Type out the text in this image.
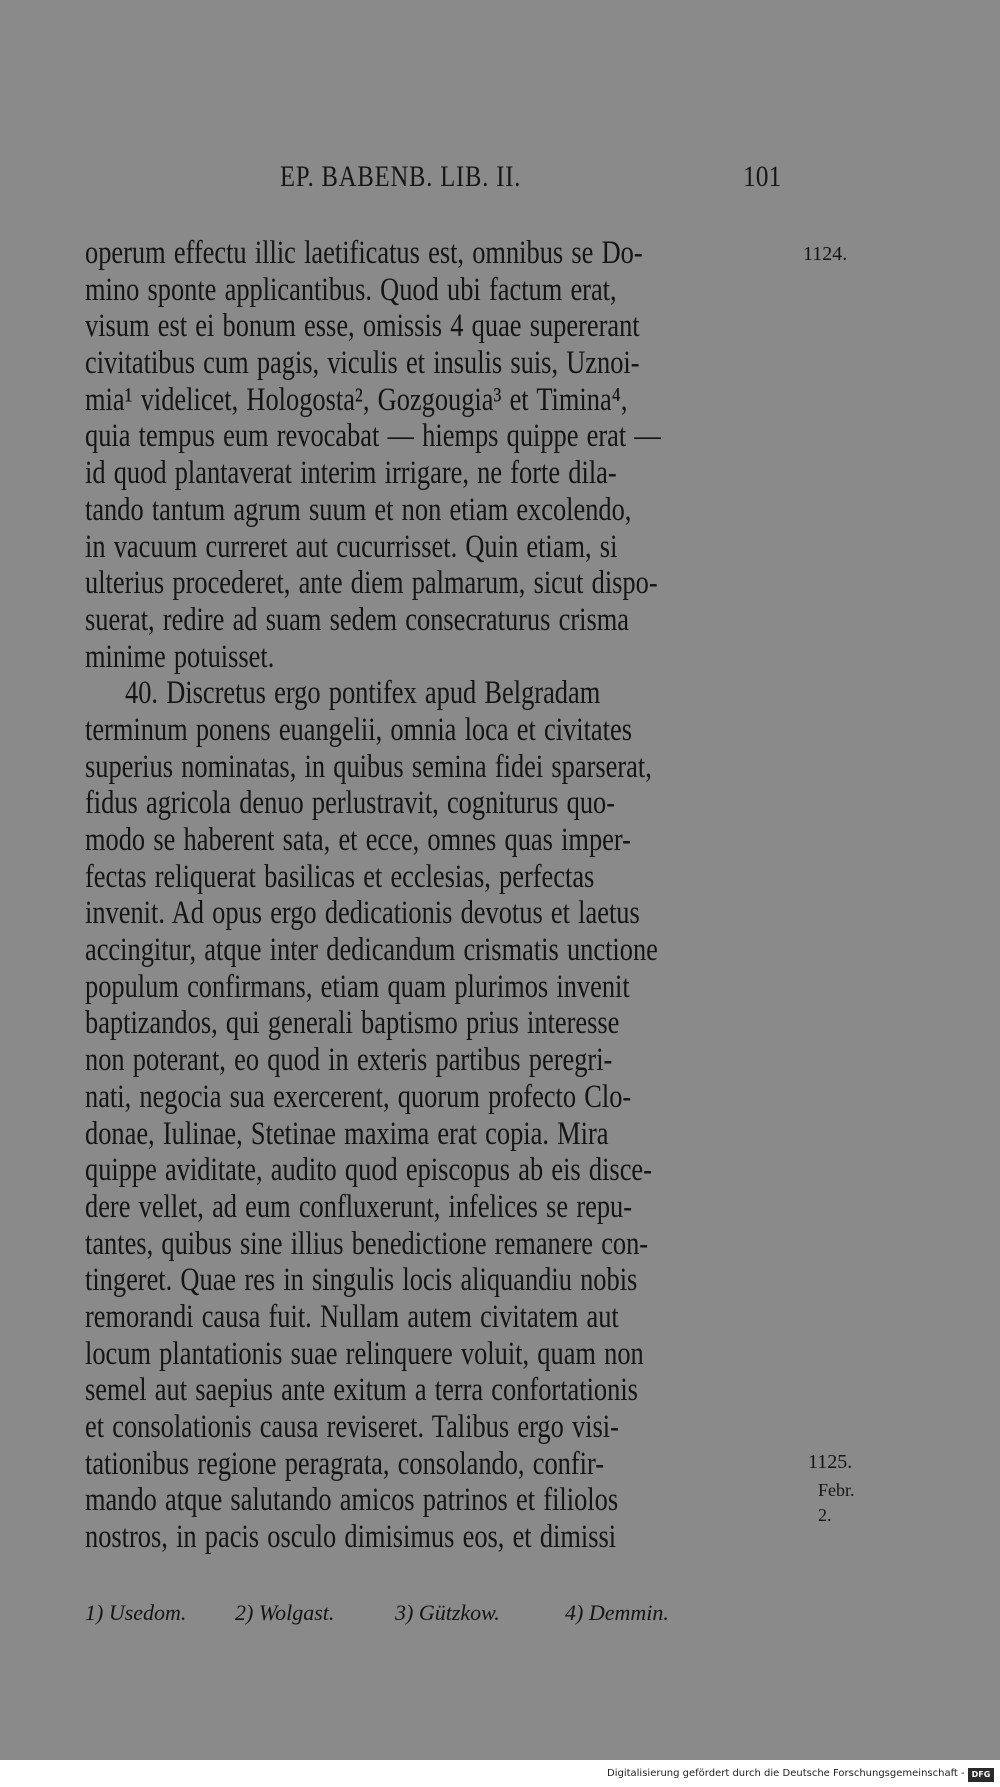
EP. BABENB. LIB. II.	101
operum effectu illic laetificatus est, omnibus se Do-
mino sponte applicantibus. Quod ubi factum erat,
visum est ei bonum esse, omissis 4 quae supererant
civitatibus cum pagis, viculis et insulis suis, Uznoi-
mia¹ videlicet, Hologosta², Gozgougia³ et Timina⁴,
quia tempus eum revocabat — hiemps quippe erat —
id quod plantaverat interim irrigare, ne forte dila-
tando tantum agrum suum et non etiam excolendo,
in vacuum curreret aut cucurrisset. Quin etiam, si
ulterius procederet, ante diem palmarum, sicut dispo-
suerat, redire ad suam sedem consecraturus crisma
minime potuisset.
40. Discretus ergo pontifex apud Belgradam
terminum ponens euangelii, omnia loca et civitates
superius nominatas, in quibus semina fidei sparserat,
fidus agricola denuo perlustravit, cogniturus quo-
modo se haberent sata, et ecce, omnes quas imper-
fectas reliquerat basilicas et ecclesias, perfectas
invenit. Ad opus ergo dedicationis devotus et laetus
accingitur, atque inter dedicandum crismatis unctione
populum confirmans, etiam quam plurimos invenit
baptizandos, qui generali baptismo prius interesse
non poterant, eo quod in exteris partibus peregri-
nati, negocia sua exercerent, quorum profecto Clo-
donae, Iulinae, Stetinae maxima erat copia. Mira
quippe aviditate, audito quod episcopus ab eis disce-
dere vellet, ad eum confluxerunt, infelices se repu-
tantes, quibus sine illius benedictione remanere con-
tingeret. Quae res in singulis locis aliquandiu nobis
remorandi causa fuit. Nullam autem civitatem aut
locum plantationis suae relinquere voluit, quam non
semel aut saepius ante exitum a terra confortationis
et consolationis causa reviseret. Talibus ergo visi-
tationibus regione peragrata, consolando, confir-
mando atque salutando amicos patrinos et filiolos
nostros, in pacis osculo dimisimus eos, et dimissi
1124.
1125.
Febr.
2.
1) Usedom. 2) Wolgast.	3) Gützkow.	4) Demmin.
Digitalisierung gefördert durch die Deutsche Forschungsgemeinschaft - DFG
